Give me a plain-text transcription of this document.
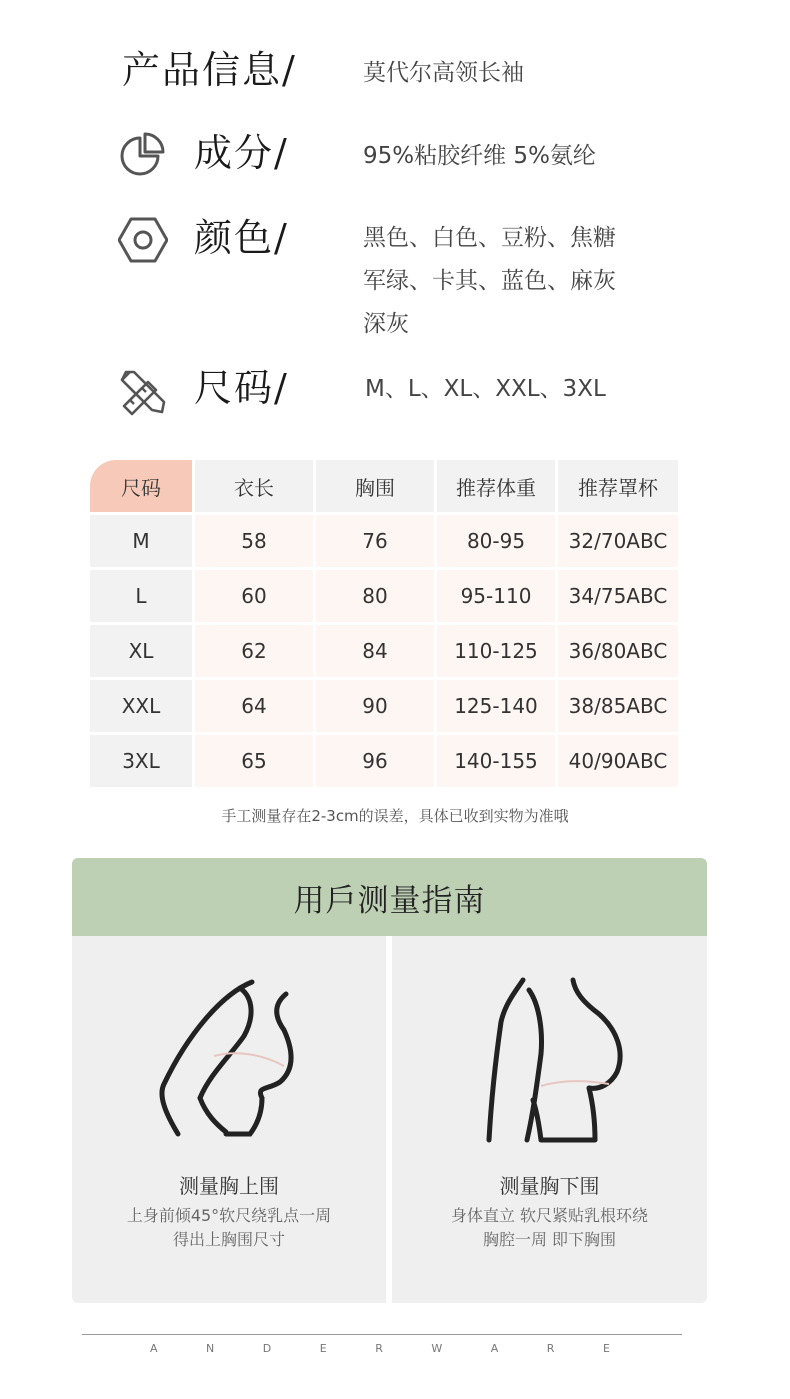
产品信息/	莫代尔高领长袖
成分/	95%粘胶纤维 5%氨纶
颜色/	黑色、白色、豆粉、焦糖
军绿、卡其、蓝色、麻灰
深灰
尺码/	M、L、XL、XXL、3XL
尺码	衣长	胸围	推荐体重	推荐罩杯
M	58	76	80-95	32/70ABC
L	60	80	95-110	34/75ABC
XL	62	84	110-125	36/80ABC
XXL	64	90	125-140	38/85ABC
3XL	65	96	140-155	40/90ABC
手工测量存在2-3cm的误差，具体已收到实物为准哦
用戶测量指南
测量胸上围
上身前倾45°软尺绕乳点一周
得出上胸围尺寸
测量胸下围
身体直立 软尺紧贴乳根环绕
胸腔一周 即下胸围
A	N	D	E	R	W	A	R	E
